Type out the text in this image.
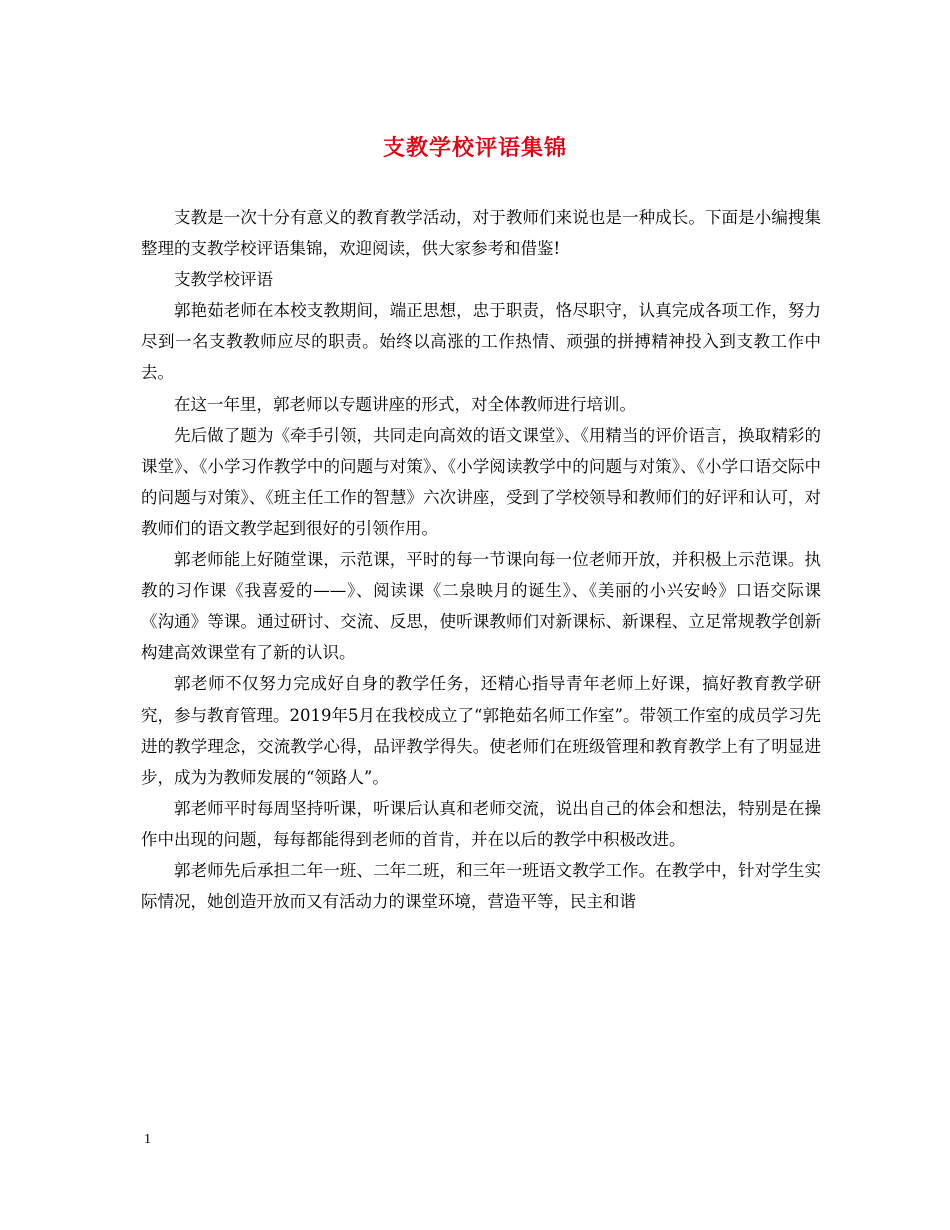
支教学校评语集锦

支教是一次十分有意义的教育教学活动，对于教师们来说也是一种成长。下面是小编搜集整理的支教学校评语集锦，欢迎阅读，供大家参考和借鉴!

支教学校评语

郭艳茹老师在本校支教期间，端正思想，忠于职责，恪尽职守，认真完成各项工作，努力尽到一名支教教师应尽的职责。始终以高涨的工作热情、顽强的拼搏精神投入到支教工作中去。

在这一年里，郭老师以专题讲座的形式，对全体教师进行培训。

先后做了题为《牵手引领，共同走向高效的语文课堂》、《用精当的评价语言，换取精彩的课堂》、《小学习作教学中的问题与对策》、《小学阅读教学中的问题与对策》、《小学口语交际中的问题与对策》、《班主任工作的智慧》六次讲座，受到了学校领导和教师们的好评和认可，对教师们的语文教学起到很好的引领作用。

郭老师能上好随堂课，示范课，平时的每一节课向每一位老师开放，并积极上示范课。执教的习作课《我喜爱的——》、阅读课《二泉映月的诞生》、《美丽的小兴安岭》口语交际课《沟通》等课。通过研讨、交流、反思，使听课教师们对新课标、新课程、立足常规教学创新构建高效课堂有了新的认识。

郭老师不仅努力完成好自身的教学任务，还精心指导青年老师上好课，搞好教育教学研究，参与教育管理。2019年5月在我校成立了“郭艳茹名师工作室”。带领工作室的成员学习先进的教学理念，交流教学心得，品评教学得失。使老师们在班级管理和教育教学上有了明显进步，成为为教师发展的“领路人”。

郭老师平时每周坚持听课，听课后认真和老师交流，说出自己的体会和想法，特别是在操作中出现的问题，每每都能得到老师的首肯，并在以后的教学中积极改进。

郭老师先后承担二年一班、二年二班，和三年一班语文教学工作。在教学中，针对学生实际情况，她创造开放而又有活动力的课堂环境，营造平等，民主和谐

1
